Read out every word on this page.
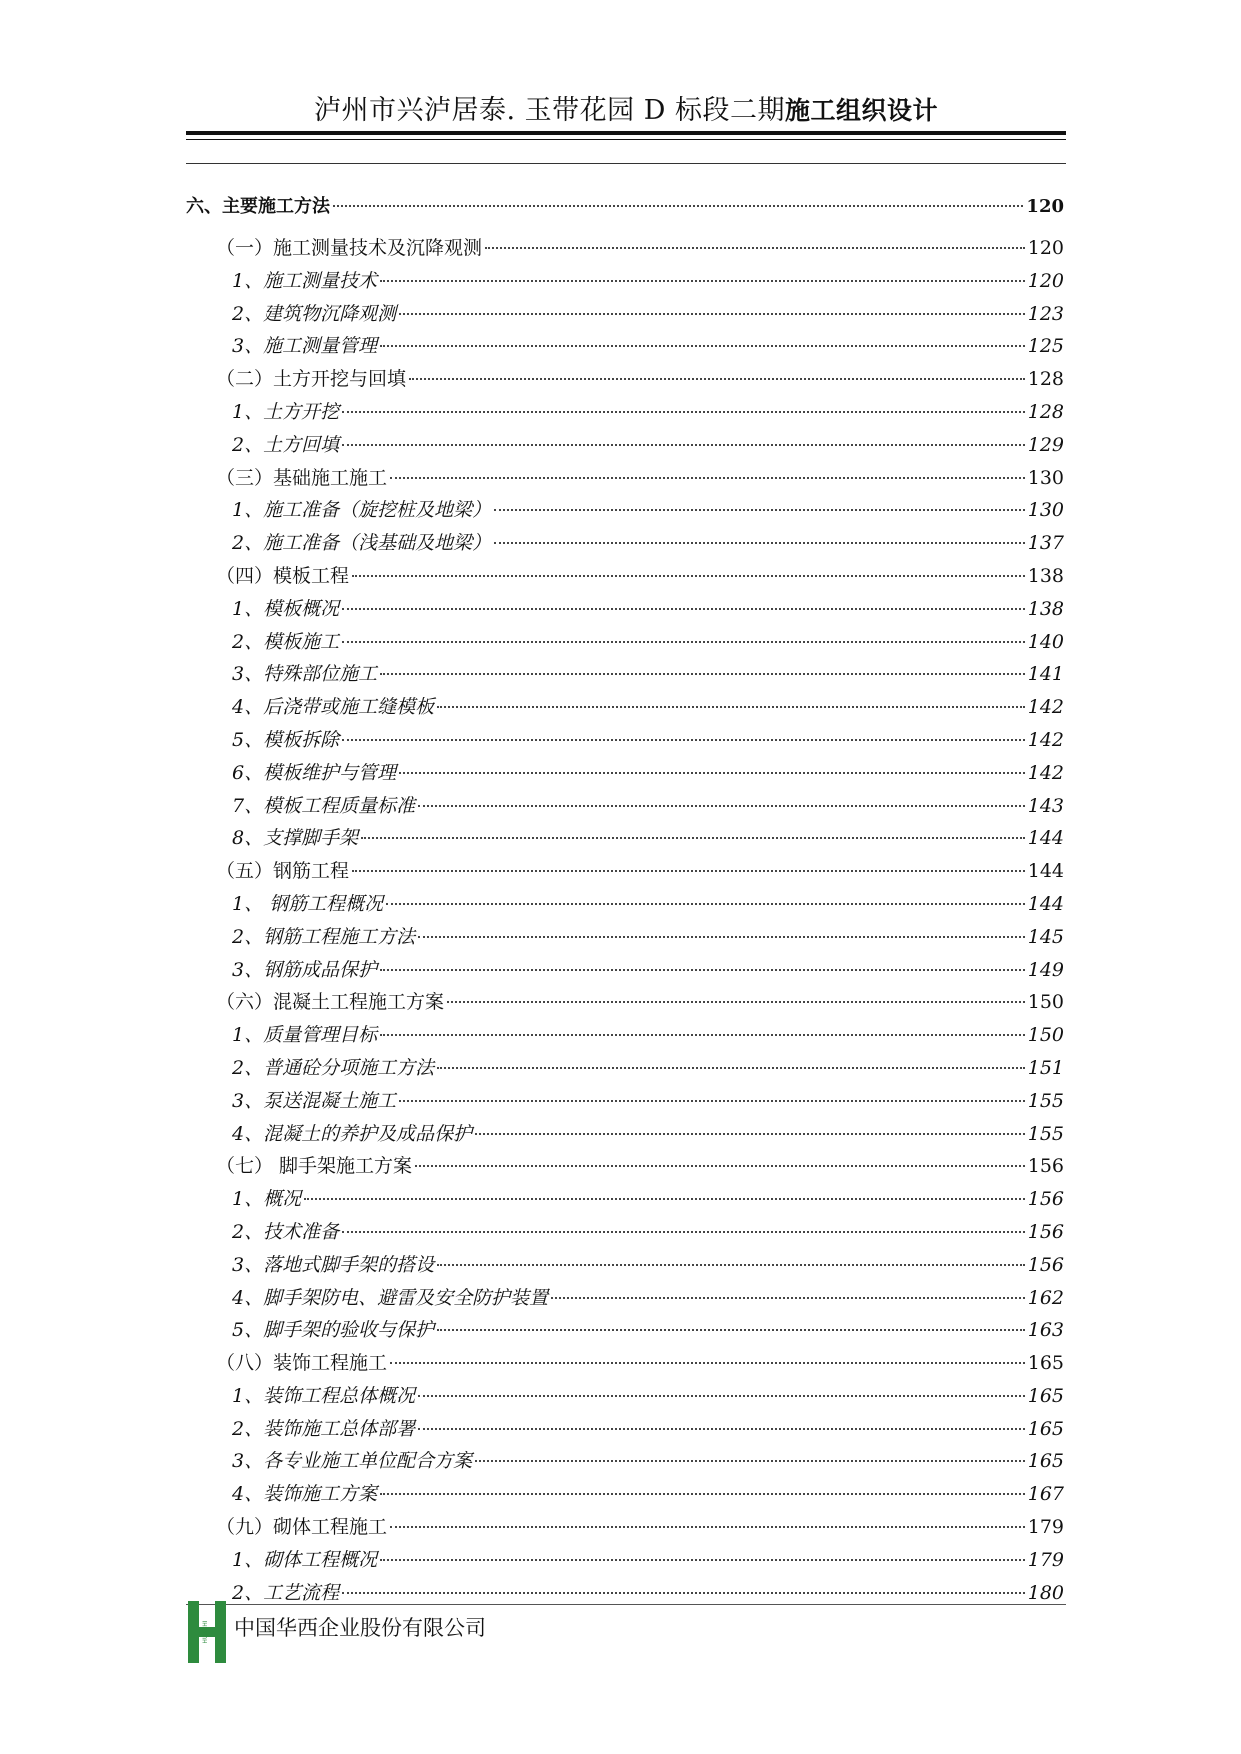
泸州市兴泸居泰. 玉带花园 D 标段二期施工组织设计
六、主要施工方法	120
（一）施工测量技术及沉降观测	120
1、施工测量技术	120
2、建筑物沉降观测	123
3、施工测量管理	125
（二）土方开挖与回填	128
1、土方开挖	128
2、土方回填	129
（三）基础施工施工	130
1、施工准备（旋挖桩及地梁）	130
2、施工准备（浅基础及地梁）	137
（四）模板工程	138
1、模板概况	138
2、模板施工	140
3、特殊部位施工	141
4、后浇带或施工缝模板	142
5、模板拆除	142
6、模板维护与管理	142
7、模板工程质量标准	143
8、支撑脚手架	144
（五）钢筋工程	144
1、 钢筋工程概况	144
2、钢筋工程施工方法	145
3、钢筋成品保护	149
（六）混凝土工程施工方案	150
1、质量管理目标	150
2、普通砼分项施工方法	151
3、泵送混凝土施工	155
4、混凝土的养护及成品保护	155
（七） 脚手架施工方案	156
1、概况	156
2、技术准备	156
3、落地式脚手架的搭设	156
4、脚手架防电、避雷及安全防护装置	162
5、脚手架的验收与保护	163
（八）装饰工程施工	165
1、装饰工程总体概况	165
2、装饰施工总体部署	165
3、各专业施工单位配合方案	165
4、装饰施工方案	167
（九）砌体工程施工	179
1、砌体工程概况	179
2、工艺流程	180
HUASHI 中国华西企业股份有限公司
